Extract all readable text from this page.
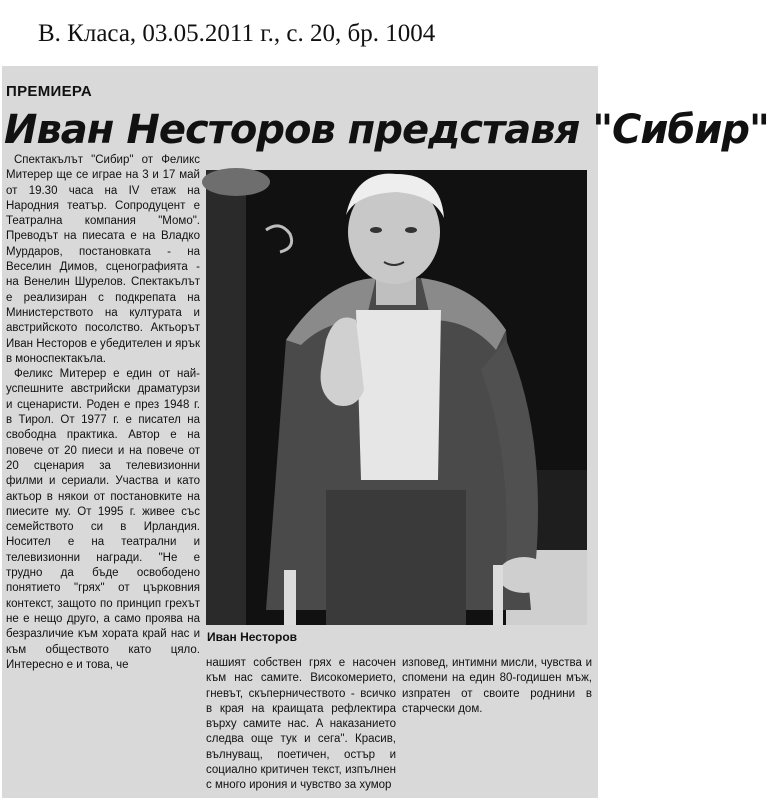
В. Класа, 03.05.2011 г., с. 20, бр. 1004
ПРЕМИЕРА
Иван Несторов представя "Сибир"

Спектакълът "Сибир" от Феликс Митерер ще се играе на 3 и 17 май от 19.30 часа на IV етаж на Народния театър. Сопродуцент е Театрална компания "Момо". Преводът на пиесата е на Владко Мурдаров, постановката - на Веселин Димов, сценографията - на Венелин Шурелов. Спектакълът е реализиран с подкрепата на Министерството на културата и австрийското посолство. Актьорът Иван Несторов е убедителен и ярък в моноспектакъла.

Феликс Митерер е един от най-успешните австрийски драматурзи и сценаристи. Роден е през 1948 г. в Тирол. От 1977 г. е писател на свободна практика. Автор е на повече от 20 пиеси и на повече от 20 сценария за телевизионни филми и сериали. Участва и като актьор в някои от постановките на пиесите му. От 1995 г. живее със семейството си в Ирландия. Носител е на театрални и телевизионни награди. "Не е трудно да бъде освободено понятието "грях" от църковния контекст, защото по принцип грехът не е нещо друго, а само проява на безразличие към хората край нас и към обществото като цяло. Интересно е и това, че

Иван Несторов

нашият собствен грях е насочен към нас самите. Високомерието, гневът, скъперничеството - всичко в края на краищата рефлектира върху самите нас. А наказанието следва още тук и сега". Красив, вълнуващ, поетичен, остър и социално критичен текст, изпълнен с много ирония и чувство за хумор

изповед, интимни мисли, чувства и спомени на един 80-годишен мъж, изпратен от своите роднини в старчески дом.
